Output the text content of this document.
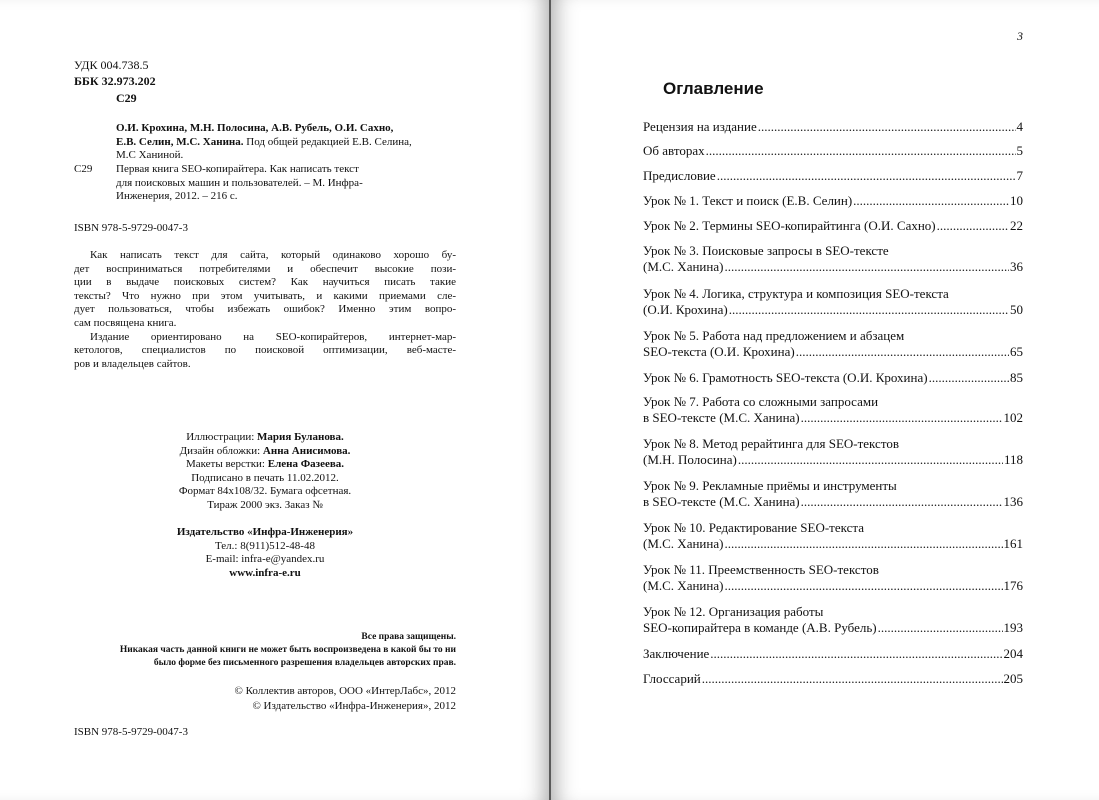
УДК 004.738.5
ББК 32.973.202
С29
О.И. Крохина, М.Н. Полосина, А.В. Рубель, О.И. Сахно,
Е.В. Селин, М.С. Ханина. Под общей редакцией Е.В. Селина,
М.С Ханиной.
С29 Первая книга SEO-копирайтера. Как написать текст
для поисковых машин и пользователей. – М. Инфра-
Инженерия, 2012. – 216 с.
ISBN 978-5-9729-0047-3
Как написать текст для сайта, который одинаково хорошо бу-
дет восприниматься потребителями и обеспечит высокие пози-
ции в выдаче поисковых систем? Как научиться писать такие
тексты? Что нужно при этом учитывать, и какими приемами сле-
дует пользоваться, чтобы избежать ошибок? Именно этим вопро-
сам посвящена книга.
Издание ориентировано на SEO-копирайтеров, интернет-мар-
кетологов, специалистов по поисковой оптимизации, веб-масте-
ров и владельцев сайтов.
Иллюстрации: Мария Буланова.
Дизайн обложки: Анна Анисимова.
Макеты верстки: Елена Фазеева.
Подписано в печать 11.02.2012.
Формат 84x108/32. Бумага офсетная.
Тираж 2000 экз. Заказ №
Издательство «Инфра-Инженерия»
Тел.: 8(911)512-48-48
E-mail: infra-e@yandex.ru
www.infra-e.ru
Все права защищены.
Никакая часть данной книги не может быть воспроизведена в какой бы то ни
было форме без письменного разрешения владельцев авторских прав.
© Коллектив авторов, ООО «ИнтерЛабс», 2012
© Издательство «Инфра-Инженерия», 2012
ISBN 978-5-9729-0047-3
3
Оглавление
Рецензия на издание .....	4
Об авторах .....	5
Предисловие .....	7
Урок № 1. Текст и поиск (Е.В. Селин) .....	10
Урок № 2. Термины SEO-копирайтинга (О.И. Сахно) .....	22
Урок № 3. Поисковые запросы в SEO-тексте
(М.С. Ханина) .....	36
Урок № 4. Логика, структура и композиция SEO-текста
(О.И. Крохина) .....	50
Урок № 5. Работа над предложением и абзацем
SEO-текста (О.И. Крохина) .....	65
Урок № 6. Грамотность SEO-текста (О.И. Крохина) .....	85
Урок № 7. Работа со сложными запросами
в SEO-тексте (М.С. Ханина) .....	102
Урок № 8. Метод рерайтинга для SEO-текстов
(М.Н. Полосина) .....	118
Урок № 9. Рекламные приёмы и инструменты
в SEO-тексте (М.С. Ханина) .....	136
Урок № 10. Редактирование SEO-текста
(М.С. Ханина) .....	161
Урок № 11. Преемственность SEO-текстов
(М.С. Ханина) .....	176
Урок № 12. Организация работы
SEO-копирайтера в команде (А.В. Рубель) .....	193
Заключение .....	204
Глоссарий .....	205
